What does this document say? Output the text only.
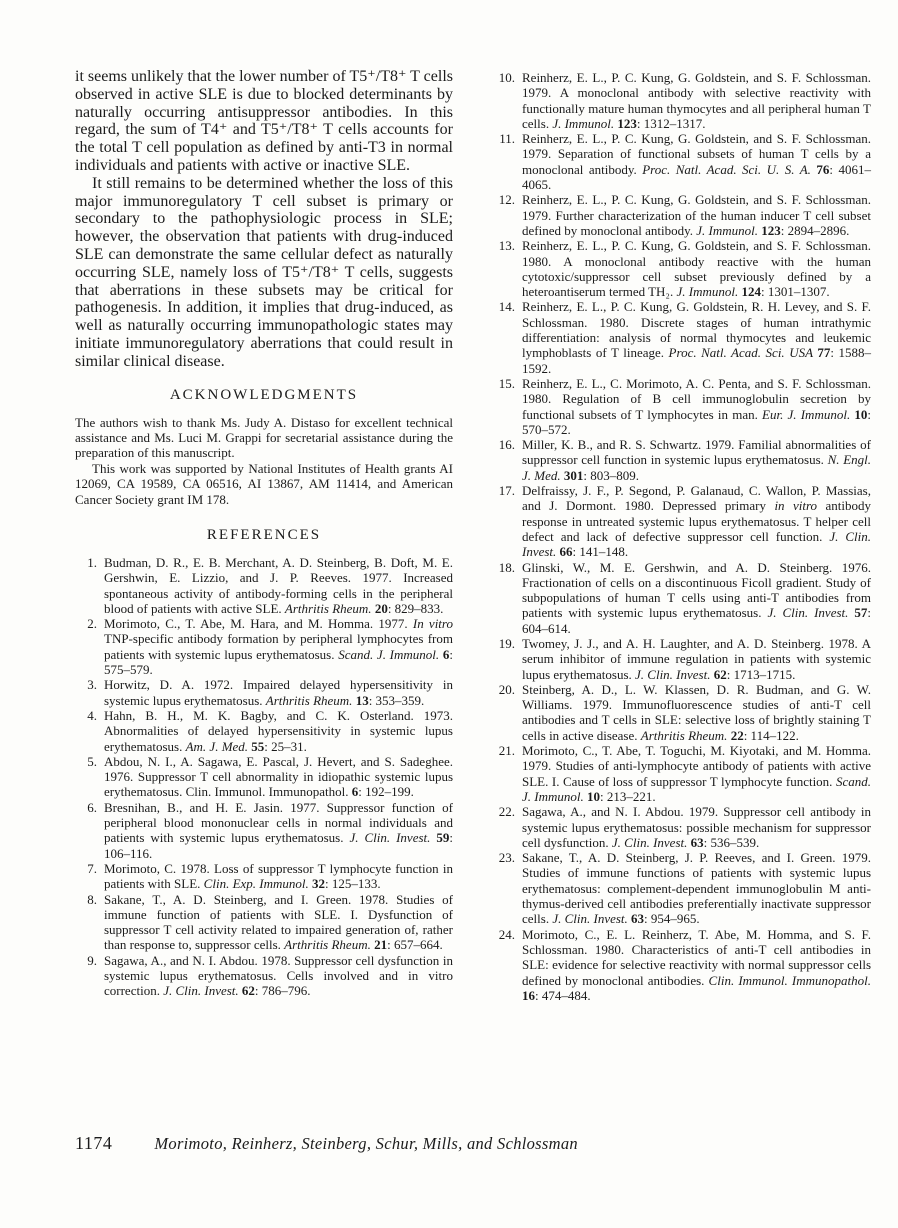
it seems unlikely that the lower number of T5⁺/T8⁺ T cells observed in active SLE is due to blocked determinants by naturally occurring antisuppressor antibodies. In this regard, the sum of T4⁺ and T5⁺/T8⁺ T cells accounts for the total T cell population as defined by anti-T3 in normal individuals and patients with active or inactive SLE.

It still remains to be determined whether the loss of this major immunoregulatory T cell subset is primary or secondary to the pathophysiologic process in SLE; however, the observation that patients with drug-induced SLE can demonstrate the same cellular defect as naturally occurring SLE, namely loss of T5⁺/T8⁺ T cells, suggests that aberrations in these subsets may be critical for pathogenesis. In addition, it implies that drug-induced, as well as naturally occurring immunopathologic states may initiate immunoregulatory aberrations that could result in similar clinical disease.

ACKNOWLEDGMENTS

The authors wish to thank Ms. Judy A. Distaso for excellent technical assistance and Ms. Luci M. Grappi for secretarial assistance during the preparation of this manuscript.

This work was supported by National Institutes of Health grants AI 12069, CA 19589, CA 06516, AI 13867, AM 11414, and American Cancer Society grant IM 178.

REFERENCES
1. Budman, D. R., E. B. Merchant, A. D. Steinberg, B. Doft, M. E. Gershwin, E. Lizzio, and J. P. Reeves. 1977. Increased spontaneous activity of antibody-forming cells in the peripheral blood of patients with active SLE. Arthritis Rheum. 20: 829–833.
2. Morimoto, C., T. Abe, M. Hara, and M. Homma. 1977. In vitro TNP-specific antibody formation by peripheral lymphocytes from patients with systemic lupus erythematosus. Scand. J. Immunol. 6: 575–579.
3. Horwitz, D. A. 1972. Impaired delayed hypersensitivity in systemic lupus erythematosus. Arthritis Rheum. 13: 353–359.
4. Hahn, B. H., M. K. Bagby, and C. K. Osterland. 1973. Abnormalities of delayed hypersensitivity in systemic lupus erythematosus. Am. J. Med. 55: 25–31.
5. Abdou, N. I., A. Sagawa, E. Pascal, J. Hevert, and S. Sadeghee. 1976. Suppressor T cell abnormality in idiopathic systemic lupus erythematosus. Clin. Immunol. Immunopathol. 6: 192–199.
6. Bresnihan, B., and H. E. Jasin. 1977. Suppressor function of peripheral blood mononuclear cells in normal individuals and patients with systemic lupus erythematosus. J. Clin. Invest. 59: 106–116.
7. Morimoto, C. 1978. Loss of suppressor T lymphocyte function in patients with SLE. Clin. Exp. Immunol. 32: 125–133.
8. Sakane, T., A. D. Steinberg, and I. Green. 1978. Studies of immune function of patients with SLE. I. Dysfunction of suppressor T cell activity related to impaired generation of, rather than response to, suppressor cells. Arthritis Rheum. 21: 657–664.
9. Sagawa, A., and N. I. Abdou. 1978. Suppressor cell dysfunction in systemic lupus erythematosus. Cells involved and in vitro correction. J. Clin. Invest. 62: 786–796.
10. Reinherz, E. L., P. C. Kung, G. Goldstein, and S. F. Schlossman. 1979. A monoclonal antibody with selective reactivity with functionally mature human thymocytes and all peripheral human T cells. J. Immunol. 123: 1312–1317.
11. Reinherz, E. L., P. C. Kung, G. Goldstein, and S. F. Schlossman. 1979. Separation of functional subsets of human T cells by a monoclonal antibody. Proc. Natl. Acad. Sci. U. S. A. 76: 4061–4065.
12. Reinherz, E. L., P. C. Kung, G. Goldstein, and S. F. Schlossman. 1979. Further characterization of the human inducer T cell subset defined by monoclonal antibody. J. Immunol. 123: 2894–2896.
13. Reinherz, E. L., P. C. Kung, G. Goldstein, and S. F. Schlossman. 1980. A monoclonal antibody reactive with the human cytotoxic/suppressor cell subset previously defined by a heteroantiserum termed TH₂. J. Immunol. 124: 1301–1307.
14. Reinherz, E. L., P. C. Kung, G. Goldstein, R. H. Levey, and S. F. Schlossman. 1980. Discrete stages of human intrathymic differentiation: analysis of normal thymocytes and leukemic lymphoblasts of T lineage. Proc. Natl. Acad. Sci. USA 77: 1588–1592.
15. Reinherz, E. L., C. Morimoto, A. C. Penta, and S. F. Schlossman. 1980. Regulation of B cell immunoglobulin secretion by functional subsets of T lymphocytes in man. Eur. J. Immunol. 10: 570–572.
16. Miller, K. B., and R. S. Schwartz. 1979. Familial abnormalities of suppressor cell function in systemic lupus erythematosus. N. Engl. J. Med. 301: 803–809.
17. Delfraissy, J. F., P. Segond, P. Galanaud, C. Wallon, P. Massias, and J. Dormont. 1980. Depressed primary in vitro antibody response in untreated systemic lupus erythematosus. T helper cell defect and lack of defective suppressor cell function. J. Clin. Invest. 66: 141–148.
18. Glinski, W., M. E. Gershwin, and A. D. Steinberg. 1976. Fractionation of cells on a discontinuous Ficoll gradient. Study of subpopulations of human T cells using anti-T antibodies from patients with systemic lupus erythematosus. J. Clin. Invest. 57: 604–614.
19. Twomey, J. J., and A. H. Laughter, and A. D. Steinberg. 1978. A serum inhibitor of immune regulation in patients with systemic lupus erythematosus. J. Clin. Invest. 62: 1713–1715.
20. Steinberg, A. D., L. W. Klassen, D. R. Budman, and G. W. Williams. 1979. Immunofluorescence studies of anti-T cell antibodies and T cells in SLE: selective loss of brightly staining T cells in active disease. Arthritis Rheum. 22: 114–122.
21. Morimoto, C., T. Abe, T. Toguchi, M. Kiyotaki, and M. Homma. 1979. Studies of anti-lymphocyte antibody of patients with active SLE. I. Cause of loss of suppressor T lymphocyte function. Scand. J. Immunol. 10: 213–221.
22. Sagawa, A., and N. I. Abdou. 1979. Suppressor cell antibody in systemic lupus erythematosus: possible mechanism for suppressor cell dysfunction. J. Clin. Invest. 63: 536–539.
23. Sakane, T., A. D. Steinberg, J. P. Reeves, and I. Green. 1979. Studies of immune functions of patients with systemic lupus erythematosus: complement-dependent immunoglobulin M anti-thymus-derived cell antibodies preferentially inactivate suppressor cells. J. Clin. Invest. 63: 954–965.
24. Morimoto, C., E. L. Reinherz, T. Abe, M. Homma, and S. F. Schlossman. 1980. Characteristics of anti-T cell antibodies in SLE: evidence for selective reactivity with normal suppressor cells defined by monoclonal antibodies. Clin. Immunol. Immunopathol. 16: 474–484.
1174	Morimoto, Reinherz, Steinberg, Schur, Mills, and Schlossman
